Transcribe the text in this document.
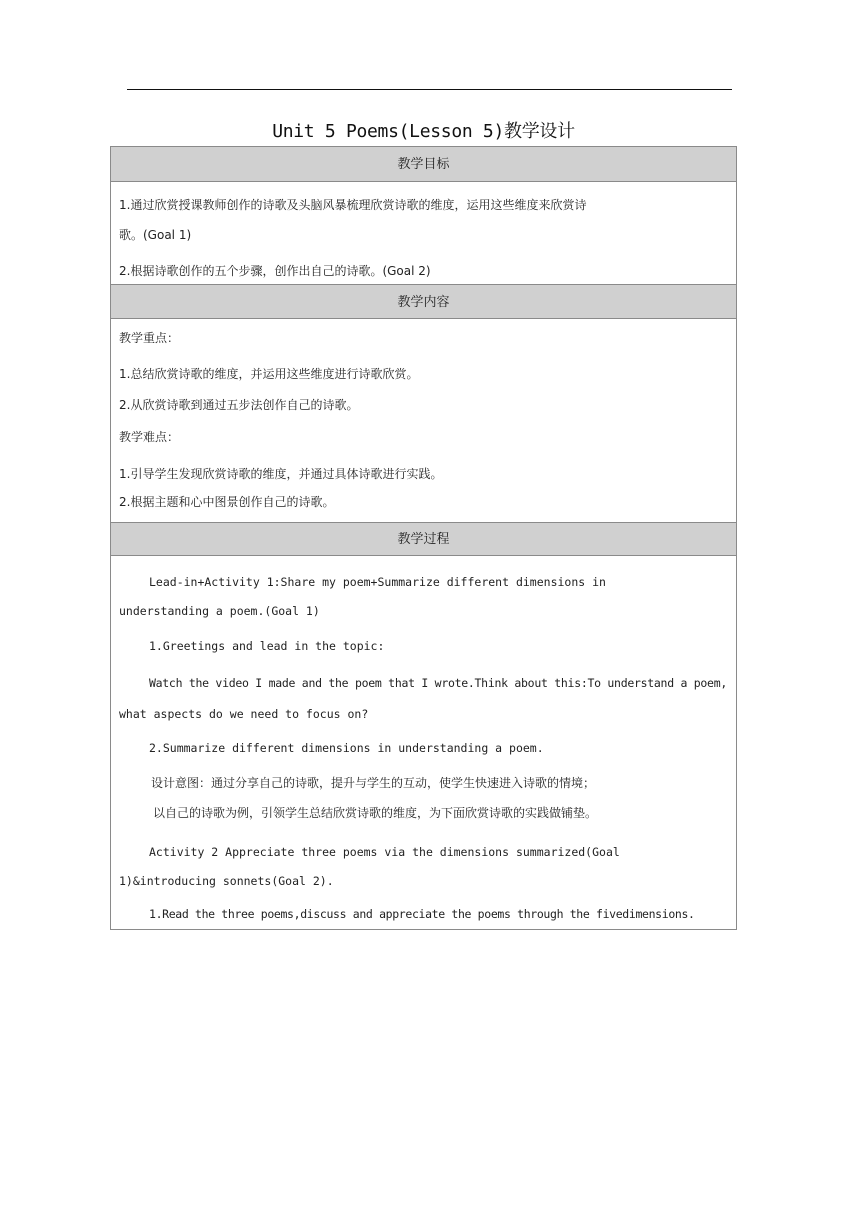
Unit 5 Poems(Lesson 5)教学设计
教学目标
1.通过欣赏授课教师创作的诗歌及头脑风暴梳理欣赏诗歌的维度，运用这些维度来欣赏诗
歌。(Goal 1)
2.根据诗歌创作的五个步骤，创作出自己的诗歌。(Goal 2)
教学内容
教学重点：
1.总结欣赏诗歌的维度，并运用这些维度进行诗歌欣赏。
2.从欣赏诗歌到通过五步法创作自己的诗歌。
教学难点：
1.引导学生发现欣赏诗歌的维度，并通过具体诗歌进行实践。
2.根据主题和心中图景创作自己的诗歌。
教学过程
Lead-in+Activity 1:Share my poem+Summarize different dimensions in
understanding a poem.(Goal 1)
1.Greetings and lead in the topic:
Watch the video I made and the poem that I wrote.Think about this:To understand a poem,
what aspects do we need to focus on?
2.Summarize different dimensions in understanding a poem.
设计意图：通过分享自己的诗歌，提升与学生的互动，使学生快速进入诗歌的情境；
以自己的诗歌为例，引领学生总结欣赏诗歌的维度，为下面欣赏诗歌的实践做铺垫。
Activity 2 Appreciate three poems via the dimensions summarized(Goal
1)&introducing sonnets(Goal 2).
1.Read the three poems,discuss and appreciate the poems through the fivedimensions.
